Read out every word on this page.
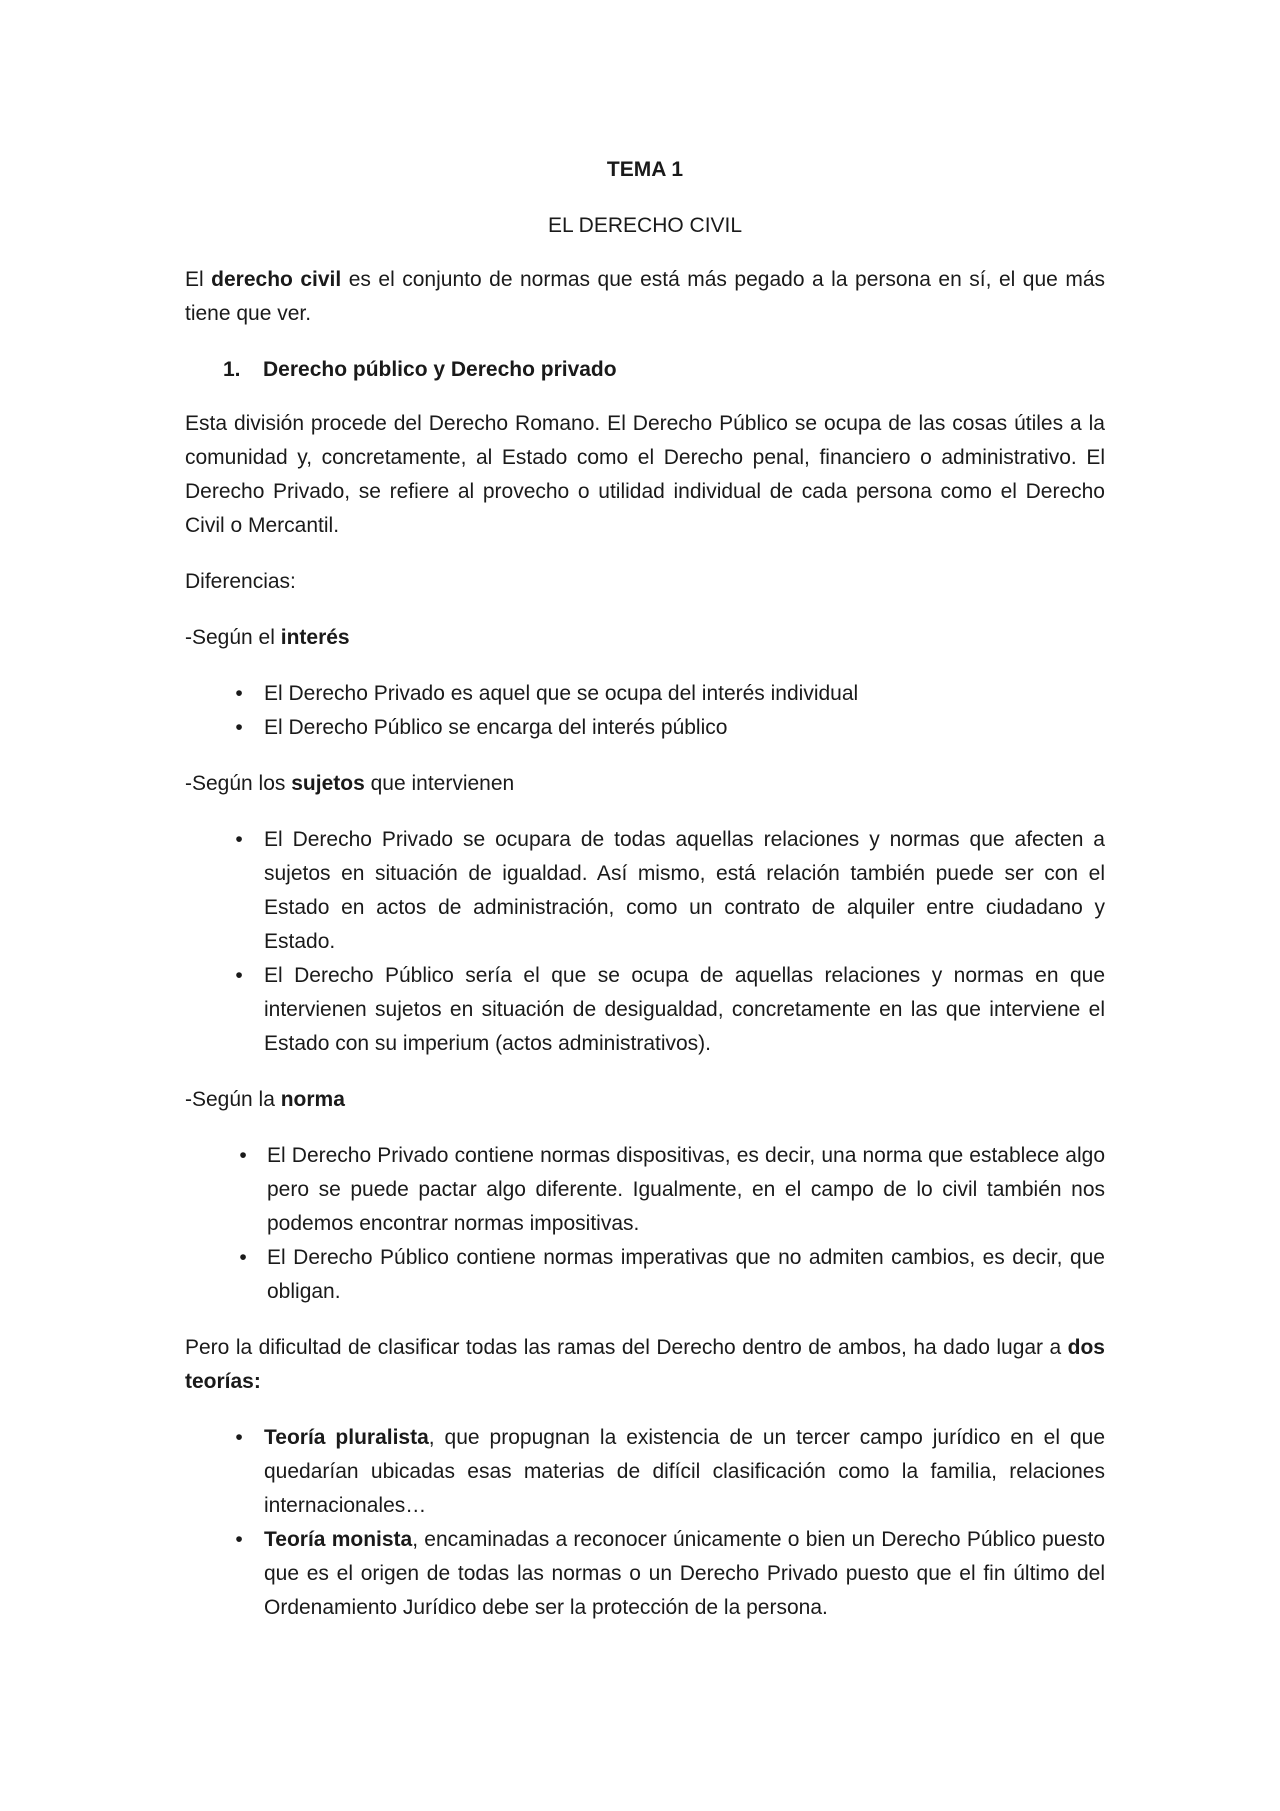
TEMA 1

EL DERECHO CIVIL

El derecho civil es el conjunto de normas que está más pegado a la persona en sí, el que más tiene que ver.

1.	Derecho público y Derecho privado

Esta división procede del Derecho Romano. El Derecho Público se ocupa de las cosas útiles a la comunidad y, concretamente, al Estado como el Derecho penal, financiero o administrativo. El Derecho Privado, se refiere al provecho o utilidad individual de cada persona como el Derecho Civil o Mercantil.

Diferencias:

-Según el interés

•	El Derecho Privado es aquel que se ocupa del interés individual
•	El Derecho Público se encarga del interés público

-Según los sujetos que intervienen

•	El Derecho Privado se ocupara de todas aquellas relaciones y normas que afecten a sujetos en situación de igualdad. Así mismo, está relación también puede ser con el Estado en actos de administración, como un contrato de alquiler entre ciudadano y Estado.
•	El Derecho Público sería el que se ocupa de aquellas relaciones y normas en que intervienen sujetos en situación de desigualdad, concretamente en las que interviene el Estado con su imperium (actos administrativos).

-Según la norma

• El Derecho Privado contiene normas dispositivas, es decir, una norma que establece algo pero se puede pactar algo diferente. Igualmente, en el campo de lo civil también nos podemos encontrar normas impositivas.
• El Derecho Público contiene normas imperativas que no admiten cambios, es decir, que obligan.

Pero la dificultad de clasificar todas las ramas del Derecho dentro de ambos, ha dado lugar a dos teorías:

•	Teoría pluralista, que propugnan la existencia de un tercer campo jurídico en el que quedarían ubicadas esas materias de difícil clasificación como la familia, relaciones internacionales…
•	Teoría monista, encaminadas a reconocer únicamente o bien un Derecho Público puesto que es el origen de todas las normas o un Derecho Privado puesto que el fin último del Ordenamiento Jurídico debe ser la protección de la persona.
